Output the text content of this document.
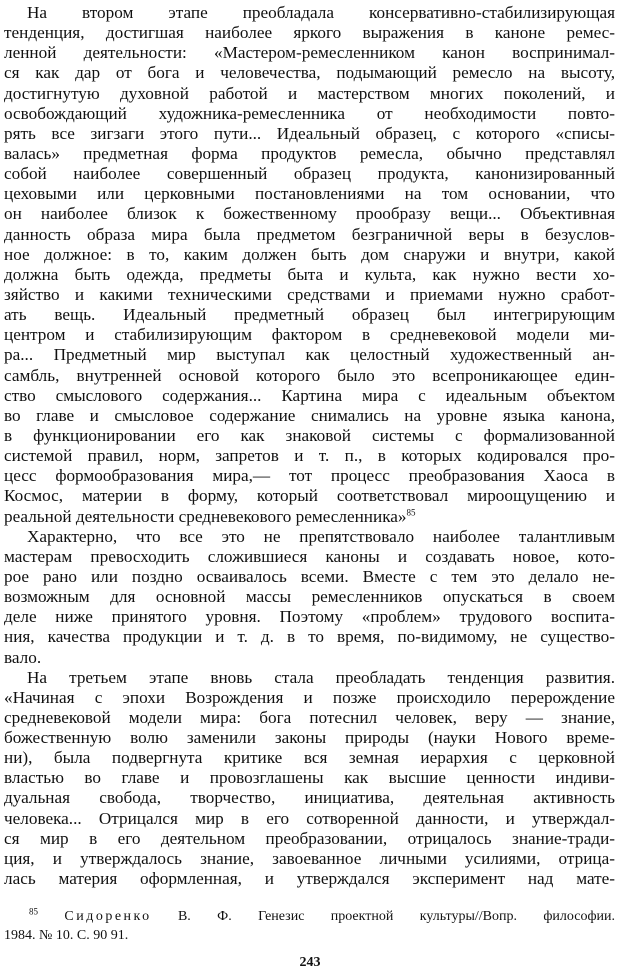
На втором этапе преобладала консервативно-стабилизирующая
тенденция, достигшая наиболее яркого выражения в каноне ремес-
ленной деятельности: «Мастером-ремесленником канон воспринимал-
ся как дар от бога и человечества, подымающий ремесло на высоту,
достигнутую духовной работой и мастерством многих поколений, и
освобождающий художника-ремесленника от необходимости повто-
рять все зигзаги этого пути... Идеальный образец, с которого «списы-
валась» предметная форма продуктов ремесла, обычно представлял
собой наиболее совершенный образец продукта, канонизированный
цеховыми или церковными постановлениями на том основании, что
он наиболее близок к божественному прообразу вещи... Объективная
данность образа мира была предметом безграничной веры в безуслов-
ное должное: в то, каким должен быть дом снаружи и внутри, какой
должна быть одежда, предметы быта и культа, как нужно вести хо-
зяйство и какими техническими средствами и приемами нужно сработ-
ать вещь. Идеальный предметный образец был интегрирующим
центром и стабилизирующим фактором в средневековой модели ми-
ра... Предметный мир выступал как целостный художественный ан-
самбль, внутренней основой которого было это всепроникающее един-
ство смыслового содержания... Картина мира с идеальным объектом
во главе и смысловое содержание снимались на уровне языка канона,
в функционировании его как знаковой системы с формализованной
системой правил, норм, запретов и т. п., в которых кодировался про-
цесс формообразования мира,— тот процесс преобразования Хаоса в
Космос, материи в форму, который соответствовал мироощущению и
реальной деятельности средневекового ремесленника»$^{85}$
Характерно, что все это не препятствовало наиболее талантливым
мастерам превосходить сложившиеся каноны и создавать новое, кото-
рое рано или поздно осваивалось всеми. Вместе с тем это делало не-
возможным для основной массы ремесленников опускаться в своем
деле ниже принятого уровня. Поэтому «проблем» трудового воспита-
ния, качества продукции и т. д. в то время, по-видимому, не существо-
вало.
На третьем этапе вновь стала преобладать тенденция развития.
«Начиная с эпохи Возрождения и позже происходило перерождение
средневековой модели мира: бога потеснил человек, веру — знание,
божественную волю заменили законы природы (науки Нового време-
ни), была подвергнута критике вся земная иерархия с церковной
властью во главе и провозглашены как высшие ценности индиви-
дуальная свобода, творчество, инициатива, деятельная активность
человека... Отрицался мир в его сотворенной данности, и утверждал-
ся мир в его деятельном преобразовании, отрицалось знание-тради-
ция, и утверждалось знание, завоеванное личными усилиями, отрица-
лась материя оформленная, и утверждался эксперимент над мате-
$^{85}$ Сидоренко В. Ф. Генезис проектной культуры//Вопр. философии.
1984. № 10. С. 90 91.
243
